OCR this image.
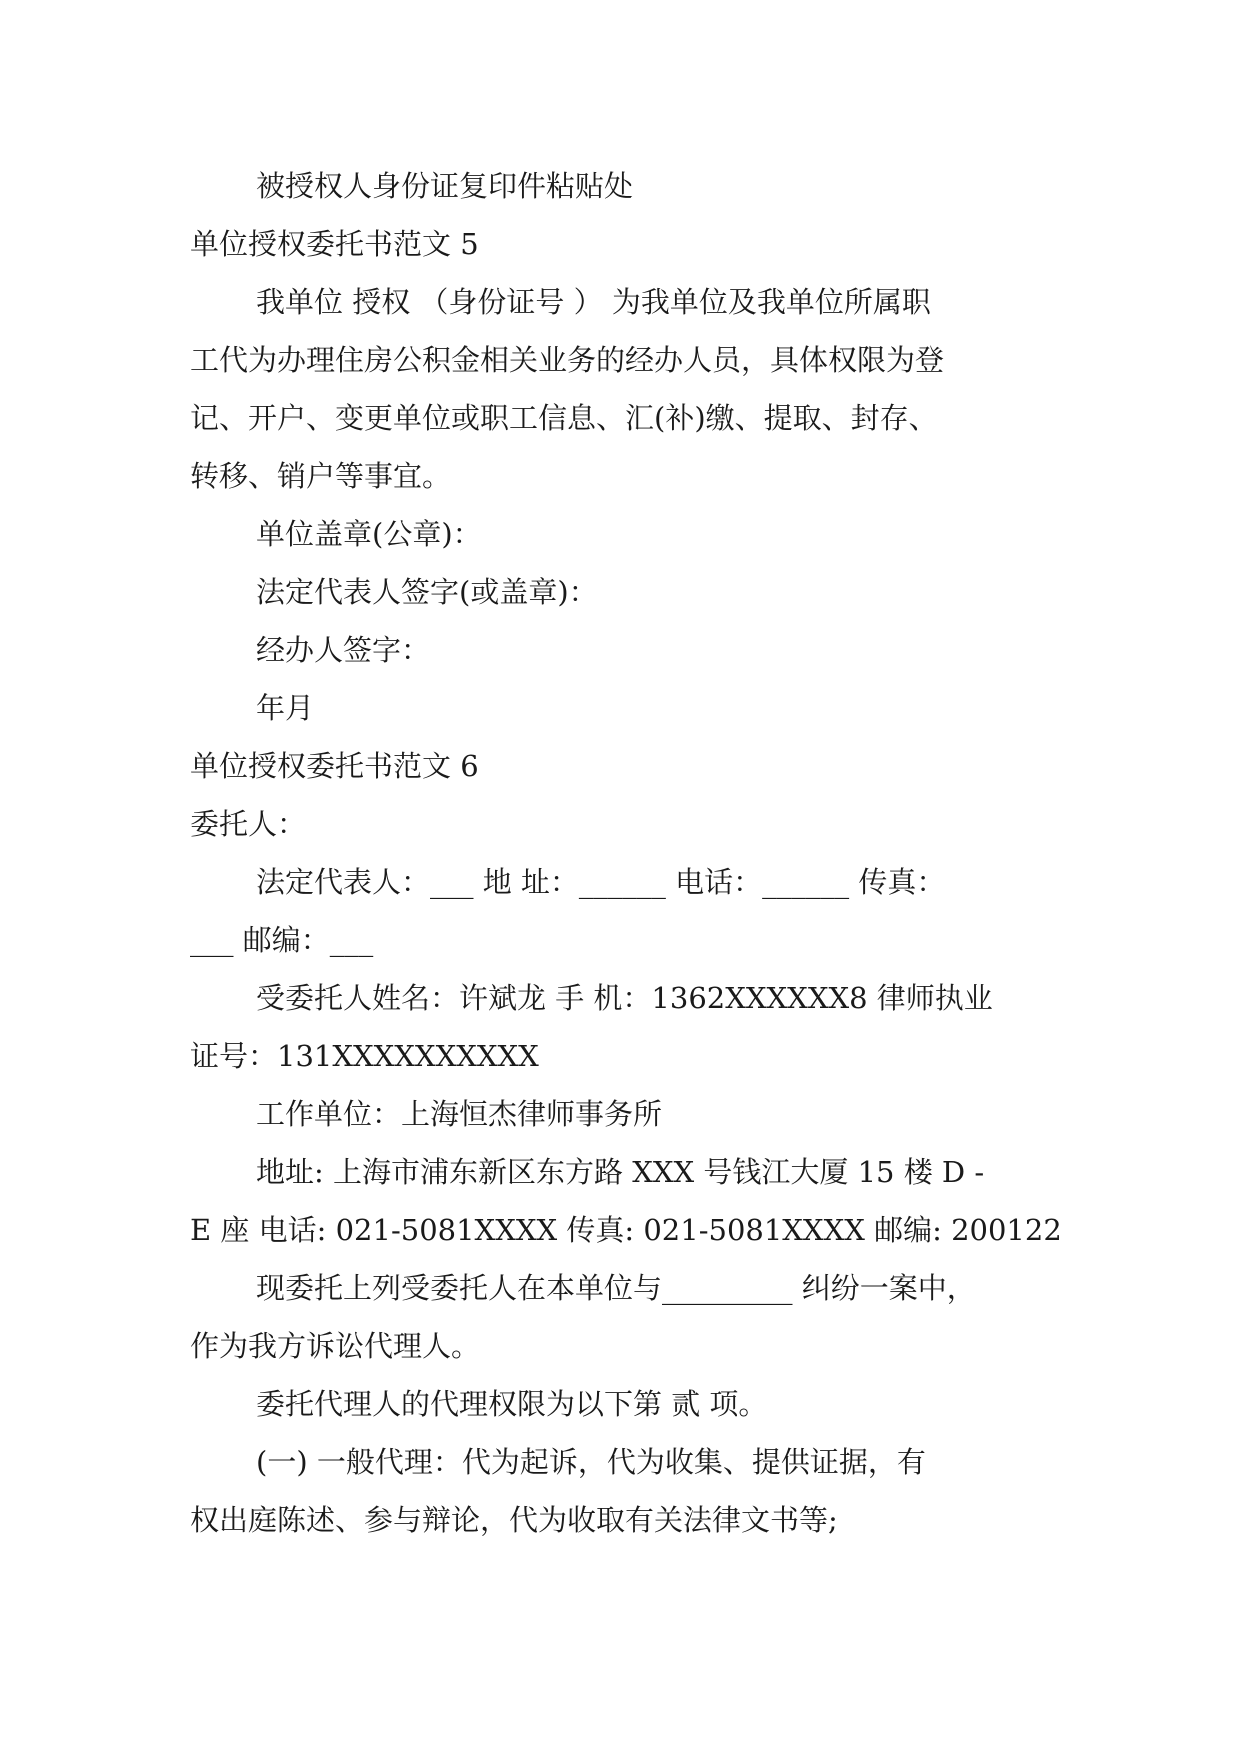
被授权人身份证复印件粘贴处

单位授权委托书范文 5

我单位 授权 （身份证号 ） 为我单位及我单位所属职

工代为办理住房公积金相关业务的经办人员，具体权限为登

记、开户、变更单位或职工信息、汇(补)缴、提取、封存、

转移、销户等事宜。

单位盖章(公章)：

法定代表人签字(或盖章)：

经办人签字：

年月

单位授权委托书范文 6

委托人：

法定代表人：___ 地 址：______ 电话：______ 传真：

___ 邮编：___

受委托人姓名：许斌龙 手 机：1362XXXXXX8 律师执业

证号：131XXXXXXXXXX

工作单位：上海恒杰律师事务所

地址: 上海市浦东新区东方路 XXX 号钱江大厦 15 楼 D -

E 座 电话: 021-5081XXXX 传真: 021-5081XXXX 邮编: 200122

现委托上列受委托人在本单位与_________ 纠纷一案中，

作为我方诉讼代理人。

委托代理人的代理权限为以下第 贰 项。

(一) 一般代理：代为起诉，代为收集、提供证据，有

权出庭陈述、参与辩论，代为收取有关法律文书等;
